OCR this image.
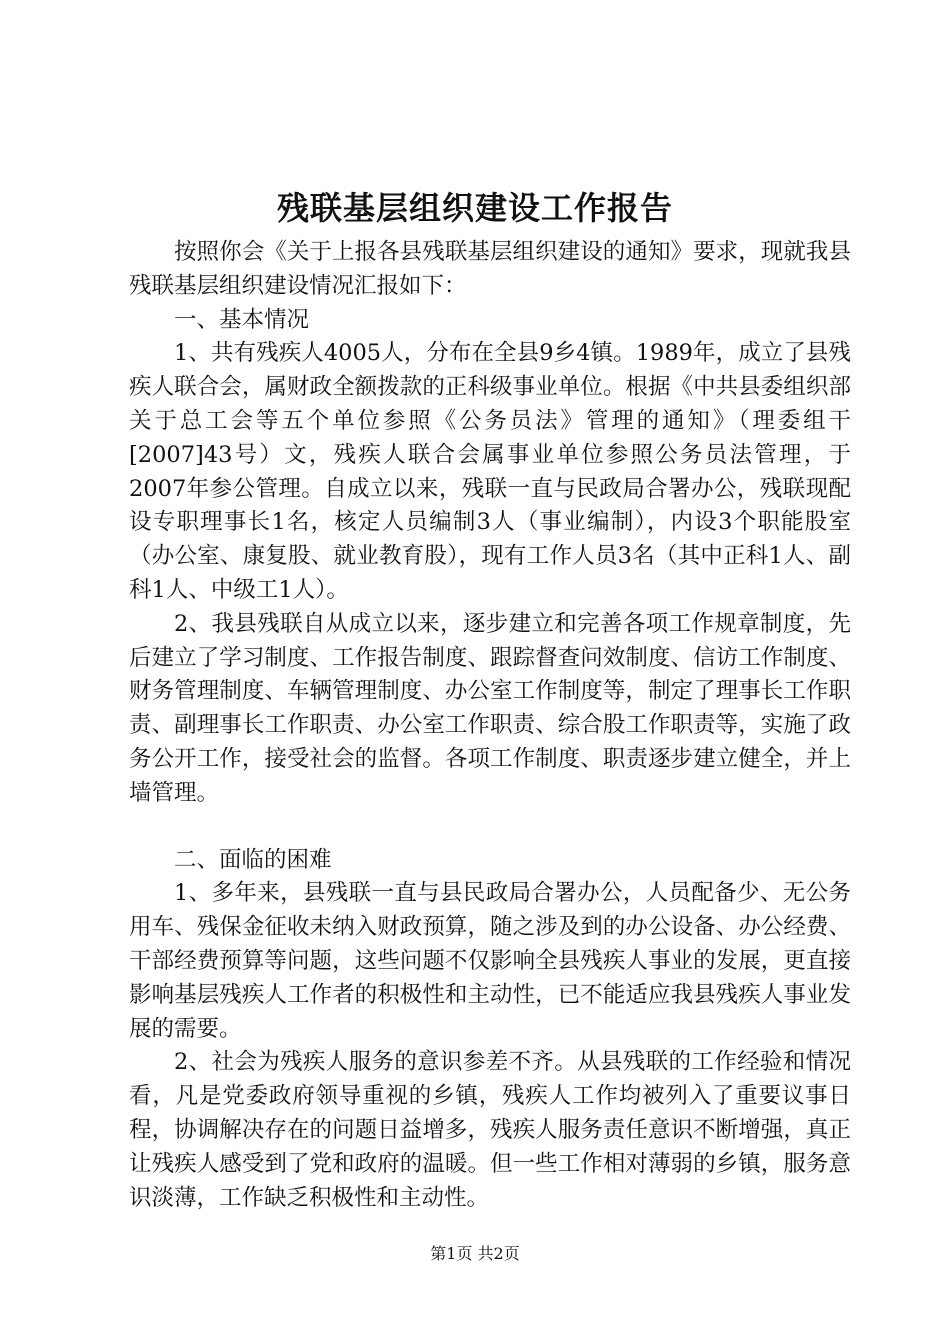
残联基层组织建设工作报告

按照你会《关于上报各县残联基层组织建设的通知》要求，现就我县残联基层组织建设情况汇报如下：

一、基本情况

1、共有残疾人4005人，分布在全县9乡4镇。1989年，成立了县残疾人联合会，属财政全额拨款的正科级事业单位。根据《中共县委组织部关于总工会等五个单位参照《公务员法》管理的通知》（理委组干[2007]43号）文，残疾人联合会属事业单位参照公务员法管理，于2007年参公管理。自成立以来，残联一直与民政局合署办公，残联现配设专职理事长1名，核定人员编制3人（事业编制），内设3个职能股室（办公室、康复股、就业教育股），现有工作人员3名（其中正科1人、副科1人、中级工1人）。

2、我县残联自从成立以来，逐步建立和完善各项工作规章制度，先后建立了学习制度、工作报告制度、跟踪督查问效制度、信访工作制度、财务管理制度、车辆管理制度、办公室工作制度等，制定了理事长工作职责、副理事长工作职责、办公室工作职责、综合股工作职责等，实施了政务公开工作，接受社会的监督。各项工作制度、职责逐步建立健全，并上墙管理。

二、面临的困难

1、多年来，县残联一直与县民政局合署办公，人员配备少、无公务用车、残保金征收未纳入财政预算，随之涉及到的办公设备、办公经费、干部经费预算等问题，这些问题不仅影响全县残疾人事业的发展，更直接影响基层残疾人工作者的积极性和主动性，已不能适应我县残疾人事业发展的需要。

2、社会为残疾人服务的意识参差不齐。从县残联的工作经验和情况看，凡是党委政府领导重视的乡镇，残疾人工作均被列入了重要议事日程，协调解决存在的问题日益增多，残疾人服务责任意识不断增强，真正让残疾人感受到了党和政府的温暖。但一些工作相对薄弱的乡镇，服务意识淡薄，工作缺乏积极性和主动性。

第1页 共2页
